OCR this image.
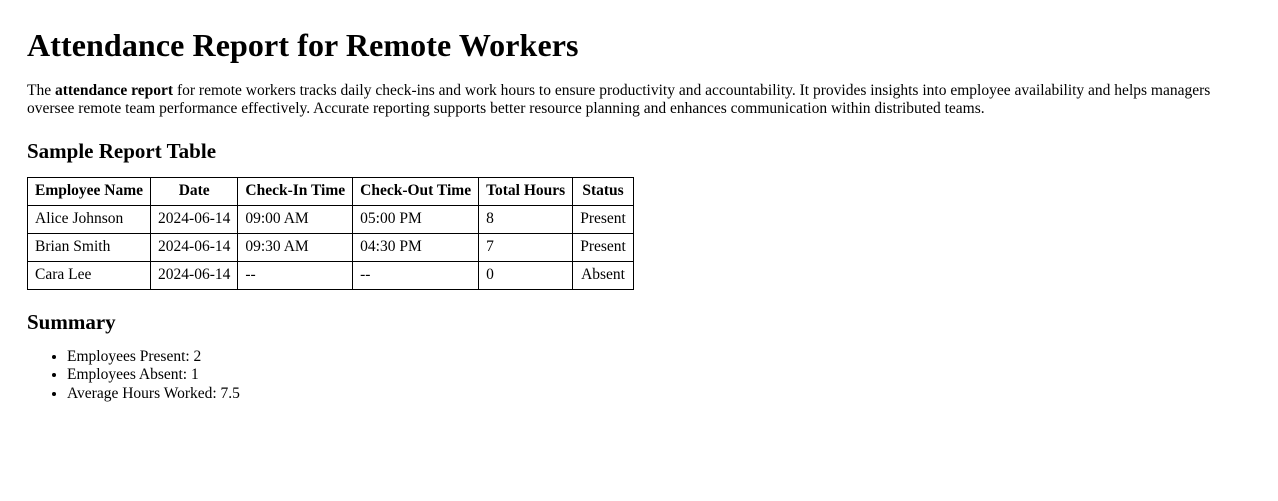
Attendance Report for Remote Workers

The attendance report for remote workers tracks daily check-ins and work hours to ensure productivity and accountability. It provides insights into employee availability and helps managers oversee remote team performance effectively. Accurate reporting supports better resource planning and enhances communication within distributed teams.

Sample Report Table
Employee Name	Date	Check-In Time	Check-Out Time	Total Hours	Status
Alice Johnson	2024-06-14	09:00 AM	05:00 PM	8	Present
Brian Smith	2024-06-14	09:30 AM	04:30 PM	7	Present
Cara Lee	2024-06-14	--	--	0	Absent
Summary
• Employees Present: 2
• Employees Absent: 1
• Average Hours Worked: 7.5
